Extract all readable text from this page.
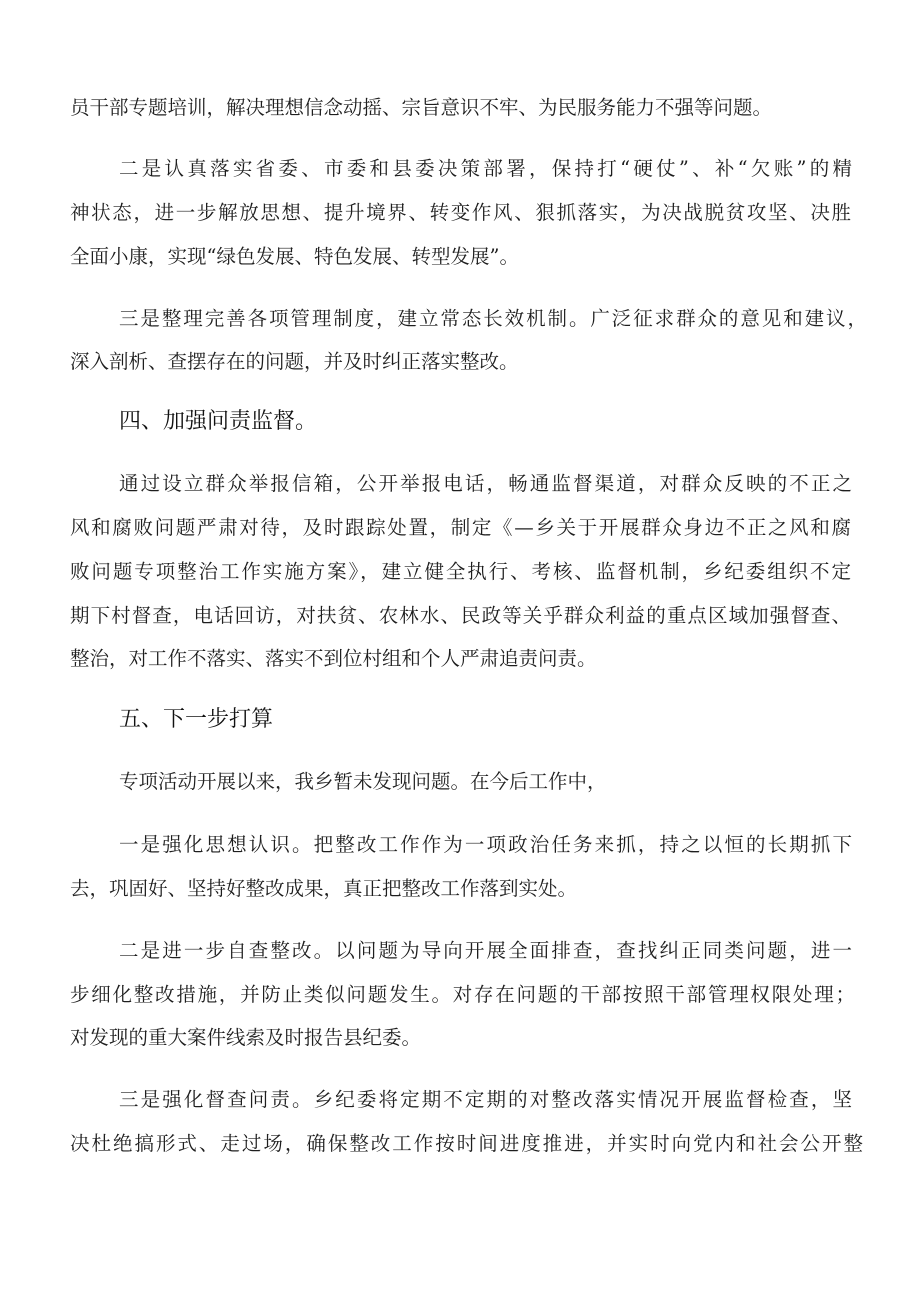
员干部专题培训，解决理想信念动摇、宗旨意识不牢、为民服务能力不强等问题。
二是认真落实省委、市委和县委决策部署，保持打“硬仗”、补“欠账”的精
神状态，进一步解放思想、提升境界、转变作风、狠抓落实，为决战脱贫攻坚、决胜
全面小康，实现“绿色发展、特色发展、转型发展”。
三是整理完善各项管理制度，建立常态长效机制。广泛征求群众的意见和建议，
深入剖析、查摆存在的问题，并及时纠正落实整改。
四、加强问责监督。
通过设立群众举报信箱，公开举报电话，畅通监督渠道，对群众反映的不正之
风和腐败问题严肃对待，及时跟踪处置，制定《—乡关于开展群众身边不正之风和腐
败问题专项整治工作实施方案》，建立健全执行、考核、监督机制，乡纪委组织不定
期下村督查，电话回访，对扶贫、农林水、民政等关乎群众利益的重点区域加强督查、
整治，对工作不落实、落实不到位村组和个人严肃追责问责。
五、下一步打算
专项活动开展以来，我乡暂未发现问题。在今后工作中，
一是强化思想认识。把整改工作作为一项政治任务来抓，持之以恒的长期抓下
去，巩固好、坚持好整改成果，真正把整改工作落到实处。
二是进一步自查整改。以问题为导向开展全面排查，查找纠正同类问题，进一
步细化整改措施，并防止类似问题发生。对存在问题的干部按照干部管理权限处理；
对发现的重大案件线索及时报告县纪委。
三是强化督查问责。乡纪委将定期不定期的对整改落实情况开展监督检查，坚
决杜绝搞形式、走过场，确保整改工作按时间进度推进，并实时向党内和社会公开整
